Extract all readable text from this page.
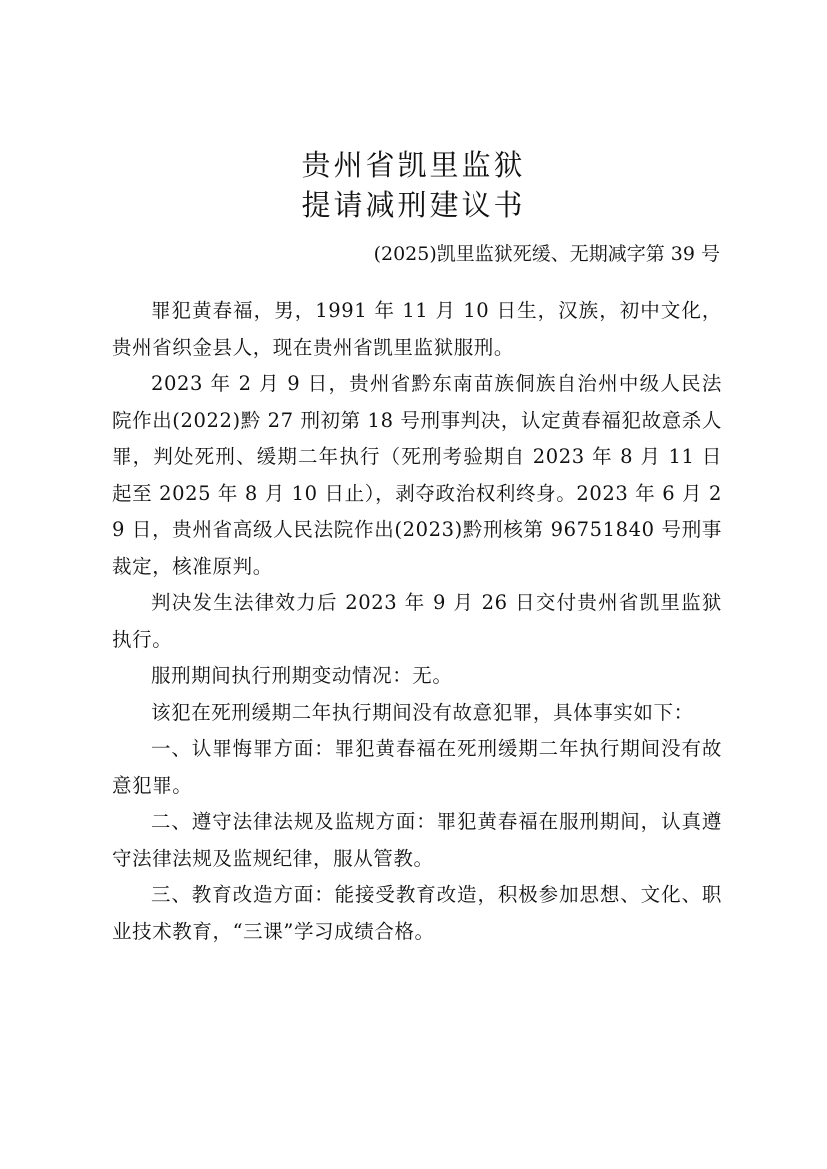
贵州省凯里监狱
提请减刑建议书
(2025)凯里监狱死缓、无期减字第 39 号

罪犯黄春福，男，1991 年 11 月 10 日生，汉族，初中文化，贵州省织金县人，现在贵州省凯里监狱服刑。

2023 年 2 月 9 日，贵州省黔东南苗族侗族自治州中级人民法院作出(2022)黔 27 刑初第 18 号刑事判决，认定黄春福犯故意杀人罪，判处死刑、缓期二年执行（死刑考验期自 2023 年 8 月 11 日起至 2025 年 8 月 10 日止），剥夺政治权利终身。2023 年 6 月 29 日，贵州省高级人民法院作出(2023)黔刑核第 96751840 号刑事裁定，核准原判。

判决发生法律效力后 2023 年 9 月 26 日交付贵州省凯里监狱执行。

服刑期间执行刑期变动情况：无。

该犯在死刑缓期二年执行期间没有故意犯罪，具体事实如下：

一、认罪悔罪方面：罪犯黄春福在死刑缓期二年执行期间没有故意犯罪。

二、遵守法律法规及监规方面：罪犯黄春福在服刑期间，认真遵守法律法规及监规纪律，服从管教。

三、教育改造方面：能接受教育改造，积极参加思想、文化、职业技术教育，“三课”学习成绩合格。
